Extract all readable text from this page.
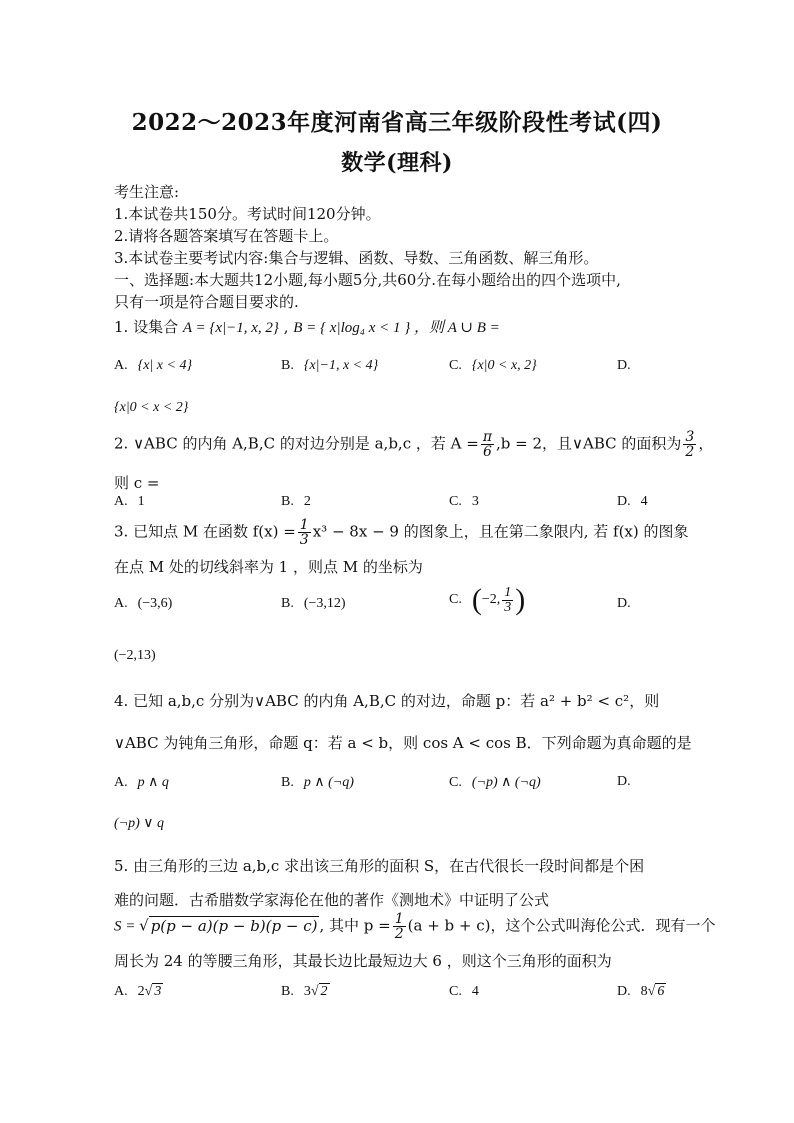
2022～2023年度河南省高三年级阶段性考试(四)
数学(理科)
考生注意:
1.本试卷共150分。考试时间120分钟。
2.请将各题答案填写在答题卡上。
3.本试卷主要考试内容:集合与逻辑、函数、导数、三角函数、解三角形。
一、选择题:本大题共12小题,每小题5分,共60分.在每小题给出的四个选项中,
只有一项是符合题目要求的.
1. 设集合 A = {x|−1, x, 2} , B = { x|log₄ x < 1 } ，则 A ∪ B =
A. {x| x < 4}	B. {x|−1, x < 4}	C. {x|0 < x, 2}	D.
{x|0 < x < 2}
2. ∨ABC 的内角 A,B,C 的对边分别是 a,b,c ，若 $A = \frac{\pi}{6} ,b = 2$，且∨ABC 的面积为 $\frac{3}{2}$ ，
则 c =
A. 1	B. 2	C. 3	D. 4
3. 已知点 M 在函数 $f(x) = \frac{1}{3} x^3 - 8x - 9$ 的图象上，且在第二象限内, 若 f(x) 的图象
在点 M 处的切线斜率为 1 ，则点 M 的坐标为
A. (−3,6)	B. (−3,12)	C. (−2, $\frac{1}{3}$ )	D.
(−2,13)
4. 已知 a,b,c 分别为∨ABC 的内角 A,B,C 的对边，命题 p：若 a² + b² < c²，则
∨ABC 为钝角三角形，命题 q：若 a < b，则 cos A < cos B．下列命题为真命题的是
A. p ∧ q	B. p ∧ (¬q)	C. (¬p) ∧ (¬q)	D.
(¬p) ∨ q
5. 由三角形的三边 a,b,c 求出该三角形的面积 S，在古代很长一段时间都是个困
难的问题．古希腊数学家海伦在他的著作《测地术》中证明了公式
S = √ p(p − a)(p − b)(p − c) , 其中 $p = \frac{1}{2} (a + b + c)$，这个公式叫海伦公式．现有一个
周长为 24 的等腰三角形，其最长边比最短边大 6 ，则这个三角形的面积为
A. 2√ 3	B. 3√ 2	C. 4	D. 8√ 6
